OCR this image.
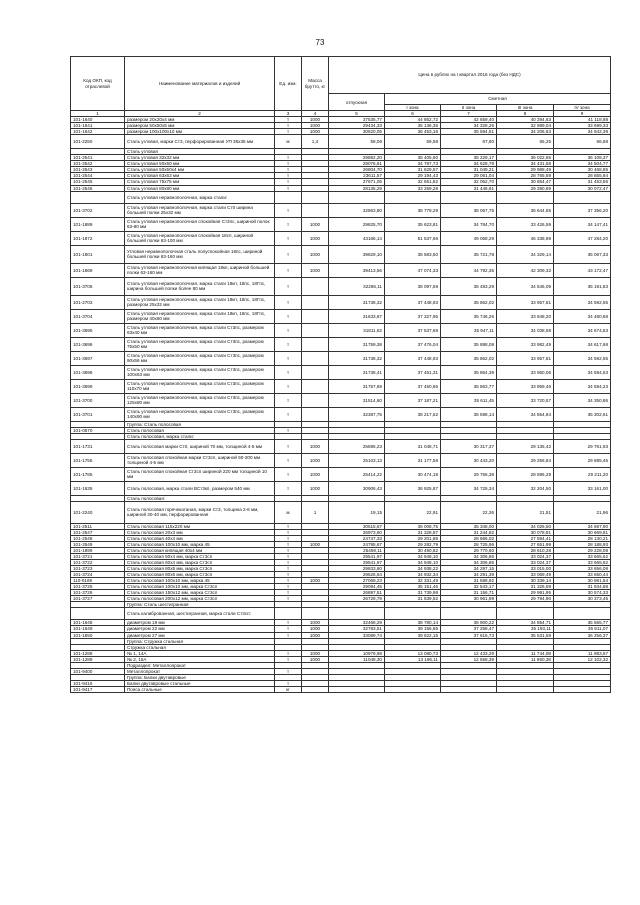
73
Код ОКП, код отраслевой	Наименование материалов и изделий	Ед. изм.	Масса брутто, кг	Цена в рублях на I квартал 2016 года (без НДС)				
				отпускная	Сметная			
					I зона	II зона	III зона	IV зона
1	2	3	4	5	6	7	8	9
101-1640	размером 20х20х4 мм	т	1000	37535,77	44 852,72	42 659,40	40 294,63	41 118,88
101-1641	размером 50х50х5 мм	т	1000	29434,33	35 136,36	34 328,26	32 989,04	33 699,33
101-1642	размером 100х100х10 мм	т	1000	30520,05	36 453,16	35 594,51	34 206,63	34 942,39
101-2250	Сталь угловая, марки Ст3, перфорированная УП 36х35 мм	м	1,4	58,06	69,58	67,80	65,25	66,68
	Сталь угловая							
101-2541	Сталь угловая 32х32 мм	т		29882,20	35 405,50	35 229,17	36 022,65	36 108,37
101-2542	Сталь угловая 50х50 мм	т		29076,61	34 787,73	34 628,78	34 431,58	34 504,77
101-2543	Сталь угловая 50х50х4 мм	т		26804,70	31 629,57	31 049,21	29 988,49	30 468,85
101-2544	Сталь угловая 63х63 мм	т		23611,57	29 194,43	29 061,04	28 765,59	28 855,94
101-2545	Сталь угловая 75х75 мм	т		27671,05	32 651,82	32 052,70	30 654,47	31 453,56
101-2546	Сталь угловая 80х80 мм	т		28135,29	33 259,28	31 446,91	29 290,69	30 072,47
	Сталь угловая неравнополочная, марка стали:							
101-3702	Сталь угловая неравнополочная, марка стали Ст0 ширина большей полки 25х32 мм	т		32863,80	38 779,29	38 067,75	36 644,65	37 356,20
101-1889	Сталь угловая неравнополочная спокойная Ст3пс, шириной полок 63-80 мм	т	1000	29825,70	35 623,81	34 784,70	33 426,59	34 147,41
101-1872	Сталь угловая неравнополочная спокойная 18сп, шириной большей полки 63-100 мм	т	1000	43166,14	51 537,66	49 058,29	46 338,89	47 284,20
101-1801	Угловая неравнополочная сталь полуспокойная 18пс, шириной большей полки 63-160 мм	т	1000	39829,10	36 583,50	35 721,78	34 329,14	35 067,33
101-1869	Сталь угловая неравнополочная кипящая 18кп, шириной большей полки 63-160 мм	т	1000	39413,56	47 074,33	44 792,35	42 309,32	43 172,47
101-3705	Сталь угловая неравнополочная, марка стали 18кп, 18пс, 18Гпс, ширина большей полки более 80 мм	т		32286,11	38 097,59	36 483,29	34 546,09	35 191,83
101-2703	Сталь угловая неравнополочная, марка стали 18кп, 18пс, 18Гпс, размером 25х32 мм	т		31738,32	37 448,93	35 862,02	33 957,81	34 592,55
101-3704	Сталь угловая неравнополочная, марка стали 18кп, 18пс, 18Гпс, размером 40х60 мм	т		31633,87	37 327,95	35 746,26	33 848,20	34 480,68
101-3695	Сталь угловая неравнополочная, марка стали Ст3пс, размером 63х40 мм	т		31811,62	37 537,69	35 947,11	34 038,58	34 674,63
101-3696	Сталь угловая неравнополочная, марка стали Ст3пс, размером 75х50 мм	т		31759,38	37 476,04	35 888,08	33 982,49	34 617,68
101-3697	Сталь угловая неравнополочная, марка стали Ст3пс, размером 90х56 мм	т		31738,32	37 448,93	35 862,02	33 957,81	34 592,55
101-3698	Сталь угловая неравнополочная, марка стали Ст3пс, размером 100х63 мм	т		31738,41	37 451,31	35 864,39	33 960,06	34 594,63
101-3699	Сталь угловая неравнополочная, марка стали Ст3пс, размером 110х70 мм	т		31757,69	37 450,66	35 863,77	33 959,46	34 594,23
101-3700	Сталь угловая неравнополочная, марка стали Ст3пс, размером 125х80 мм	т		31514,60	37 187,21	35 611,45	33 720,57	34 350,86
101-3701	Сталь угловая неравнополочная, марка стали Ст3пс, размером 140х90 мм	т		32387,75	38 217,52	36 598,14	34 654,84	35 302,61
	Группа: Сталь полосовая							
101-0570	Сталь полосовая	т						
	Сталь полосовая, марка стали:							
101-1731	Сталь полосовая марки Ст0, шириной 70 мм, толщиной 4-5 мм	т	1000	25595,23	31 048,71	30 317,37	29 135,42	29 761,93
101-1755	Сталь полосовая спокойная марки Ст3сп, шириной 50-200 мм толщиной 4-5 мм	т	1000	25103,13	31 177,58	30 443,20	29 256,84	29 885,45
101-1785	Сталь полосовая спокойная Ст3сп шириной 220 мм толщиной 10 мм	т	1000	25414,22	30 474,18	29 756,38	28 596,29	29 211,20
101-1635	Сталь полосовая, марка стали ВСт3кп, размером 540 мм	т	1000	30906,43	36 925,87	34 725,34	32 204,50	33 161,00
	Сталь полосовая:							
101-2240	Сталь полосовая горячекатаная, марки Ст3, толщина 2-6 мм, шириной 30-40 мм, перфорированная	м	1	19,15	22,91	22,36	21,51	21,96
101-2511	Сталь полосовая 115х220 мм	т		30515,67	36 008,75	35 348,00	34 026,50	34 687,90
101-2547	Сталь полосовая 20х3 мм	т		26973,60	31 328,87	31 244,82	30 078,81	30 669,81
101-2548	Сталь полосовая 40х4 мм	т		24747,33	29 201,86	28 666,02	27 594,41	28 130,21
101-2549	Сталь полосовая 100х10 мм, марка 45	т	1000	24795,67	29 282,79	28 725,96	27 651,99	28 188,93
101-1899	Сталь полосовая кипящая 40х4 мм	т		25459,11	30 490,82	29 770,60	28 610,28	29 228,08
101-3721	Сталь полосовая 50х4 мм, марка Ст3сп	т		29541,97	34 948,10	34 306,86	33 024,37	33 665,62
101-3722	Сталь полосовая 60х4 мм, марка Ст3сп	т		29541,97	34 948,10	34 306,86	33 024,37	33 665,62
101-3723	Сталь полосовая 80х5 мм, марка Ст3сп	т		29833,60	34 938,22	34 297,15	33 015,00	33 656,08
101-3724	Сталь полосовая 80х6 мм, марка Ст3сп	т		29526,64	34 932,34	34 291,39	33 069,49	33 650,44
110-0169	Сталь полосовая 100х10 мм, марка 45	т	1000	27069,23	32 331,49	31 588,92	30 339,14	30 981,54
101-3725	Сталь полосовая 100х10 мм, марка Ст3сп	т		29094,45	35 151,46	32 543,17	31 326,59	31 934,88
101-3726	Сталь полосовая 150х12 мм, марка Ст3сп	т		26897,51	31 739,98	31 156,71	29 991,95	30 574,33
101-3727	Сталь полосовая 200х12 мм, марка Ст3сп	т		26729,79	31 539,52	30 961,99	29 794,90	30 373,45
	Группа: Сталь шестигранная							
	Сталь калиброванная, шестигранная, марка стали Ст3сп:							
101-1648	диаметром 19 мм	т	1000	32468,29	38 780,14	36 900,22	34 854,71	35 565,77
101-1649	диаметром 22 мм	т	1000	32783,51	39 156,65	37 258,47	35 193,11	35 911,07
101-1650	диаметром 27 мм	т	1000	33089,74	39 522,15	37 616,73	35 531,59	36 256,37
	Группа: Стружка стальная							
	Стружка стальная							
101-1288	№ 1, 14А	т	1000	10979,98	13 080,73	12 433,29	11 744,08	11 983,67
101-1289	№ 2, 15А	т	1000	11048,30	13 196,11	12 558,39	11 860,38	12 102,32
	Подраздел: Металлопрокат							
101-9400	Металлопрокат	т						
	Группа: Балки двутавровые							
101-9416	Балки двутавровые стальные	т						
101-9417	Пояса стальные	кг						
